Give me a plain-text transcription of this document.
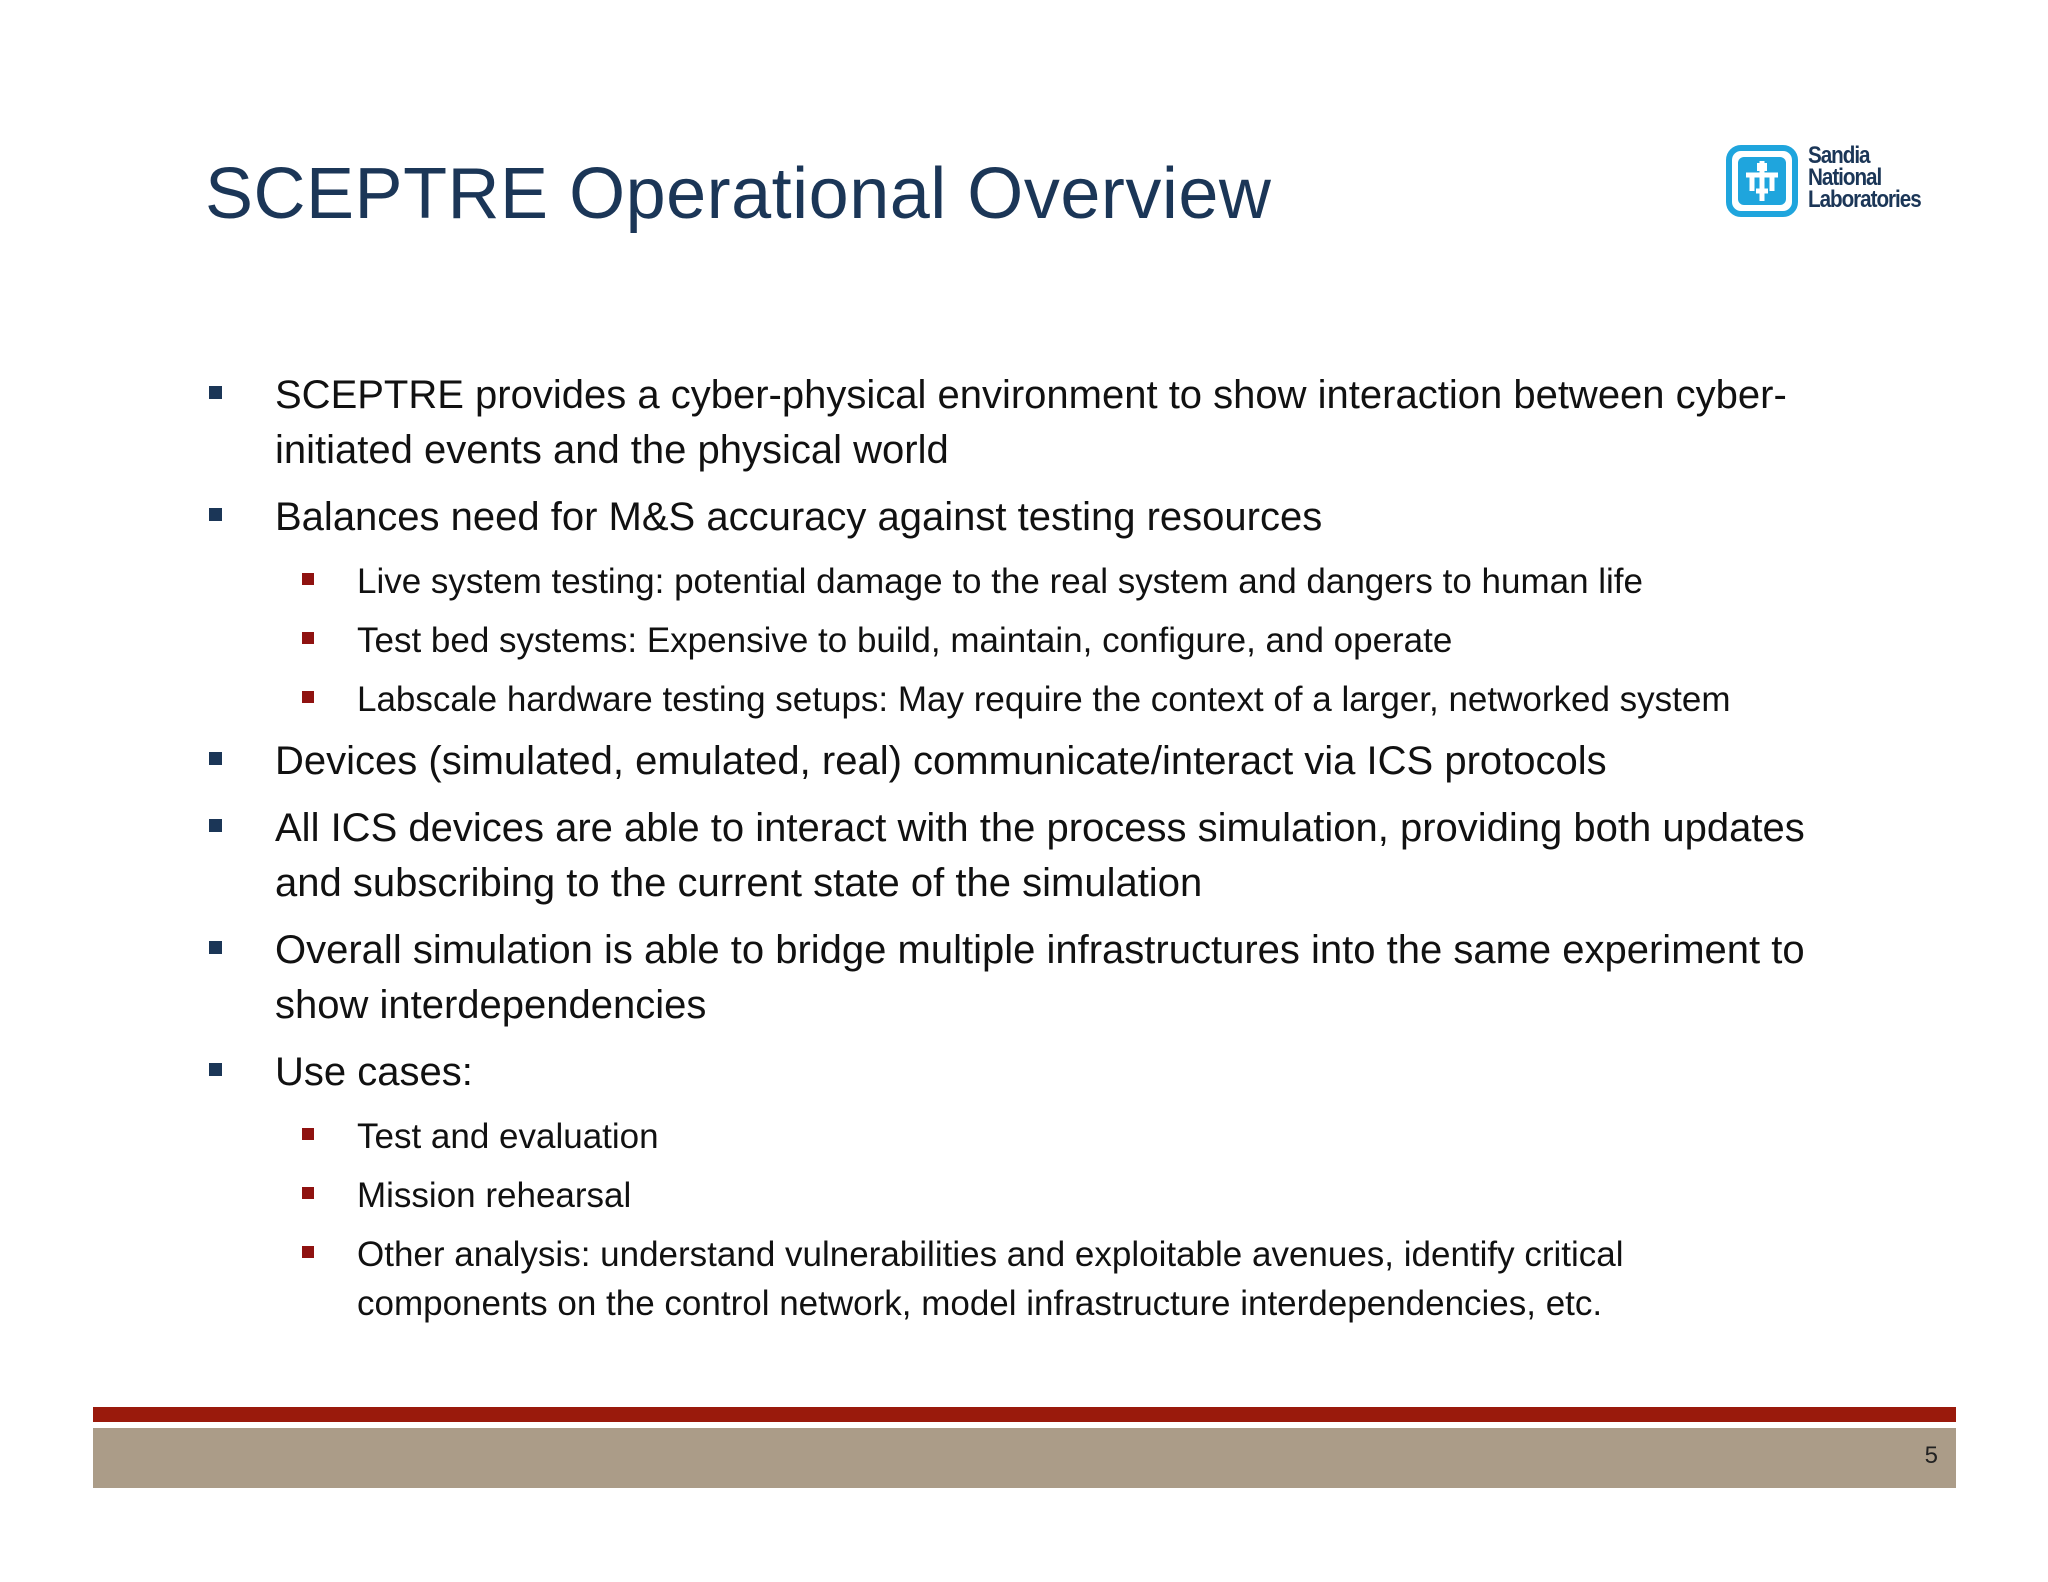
SCEPTRE Operational Overview	Sandia
National
Laboratories
SCEPTRE provides a cyber-physical environment to show interaction between cyber-initiated events and the physical world
Balances need for M&S accuracy against testing resources
Live system testing: potential damage to the real system and dangers to human life
Test bed systems: Expensive to build, maintain, configure, and operate
Labscale hardware testing setups: May require the context of a larger, networked system
Devices (simulated, emulated, real) communicate/interact via ICS protocols
All ICS devices are able to interact with the process simulation, providing both updates and subscribing to the current state of the simulation
Overall simulation is able to bridge multiple infrastructures into the same experiment to show interdependencies
Use cases:
Test and evaluation
Mission rehearsal
Other analysis: understand vulnerabilities and exploitable avenues, identify critical components on the control network, model infrastructure interdependencies, etc.
5
